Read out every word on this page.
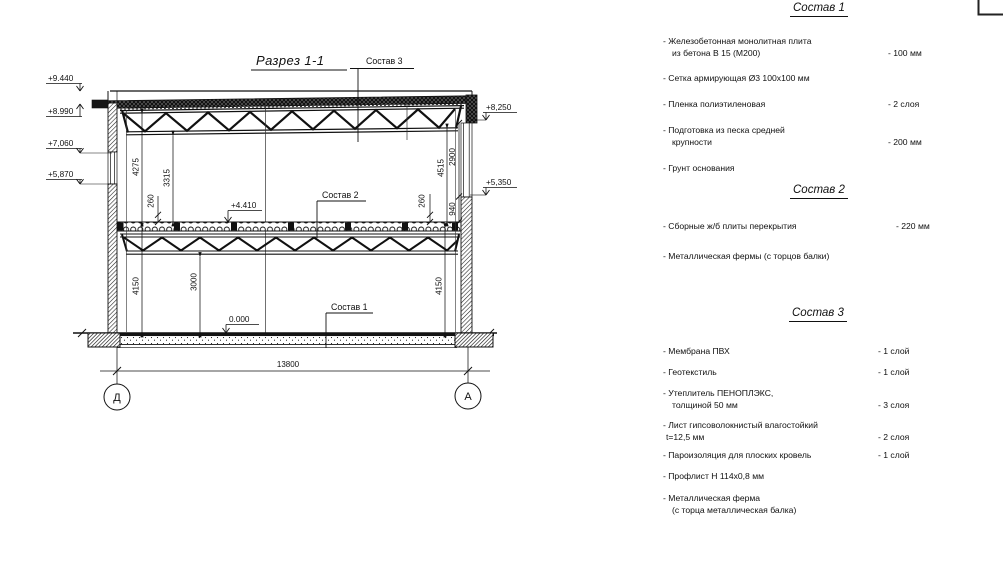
Разрез 1-1	Состав 3
Состав 2
Состав 1
+9.440
+8.990
+7,060
+5,870
+8,250
+5,350
+4.410
0.000
4275
3315
260
4150	3000
4515
2900
940
260
4150
13800
Д	А
Состав 1
- Железобетонная монолитная плита
из бетона В 15 (М200)	- 100 мм
- Сетка армирующая Ø3 100х100 мм
- Пленка полиэтиленовая	- 2 слоя
- Подготовка из песка средней
крупности	- 200 мм
- Грунт основания
Состав 2
- Сборные ж/б плиты перекрытия	- 220 мм
- Металлическая фермы (с торцов балки)
Состав 3
- Мембрана ПВХ	- 1 слой
- Геотекстиль	- 1 слой
- Утеплитель ПЕНОПЛЭКС,
толщиной 50 мм	- 3 слоя
- Лист гипсоволокнистый влагостойкий
t=12,5 мм	- 2 слоя
- Пароизоляция для плоских кровель	- 1 слой
- Профлист Н 114х0,8 мм
- Металлическая ферма
(с торца металлическая балка)
